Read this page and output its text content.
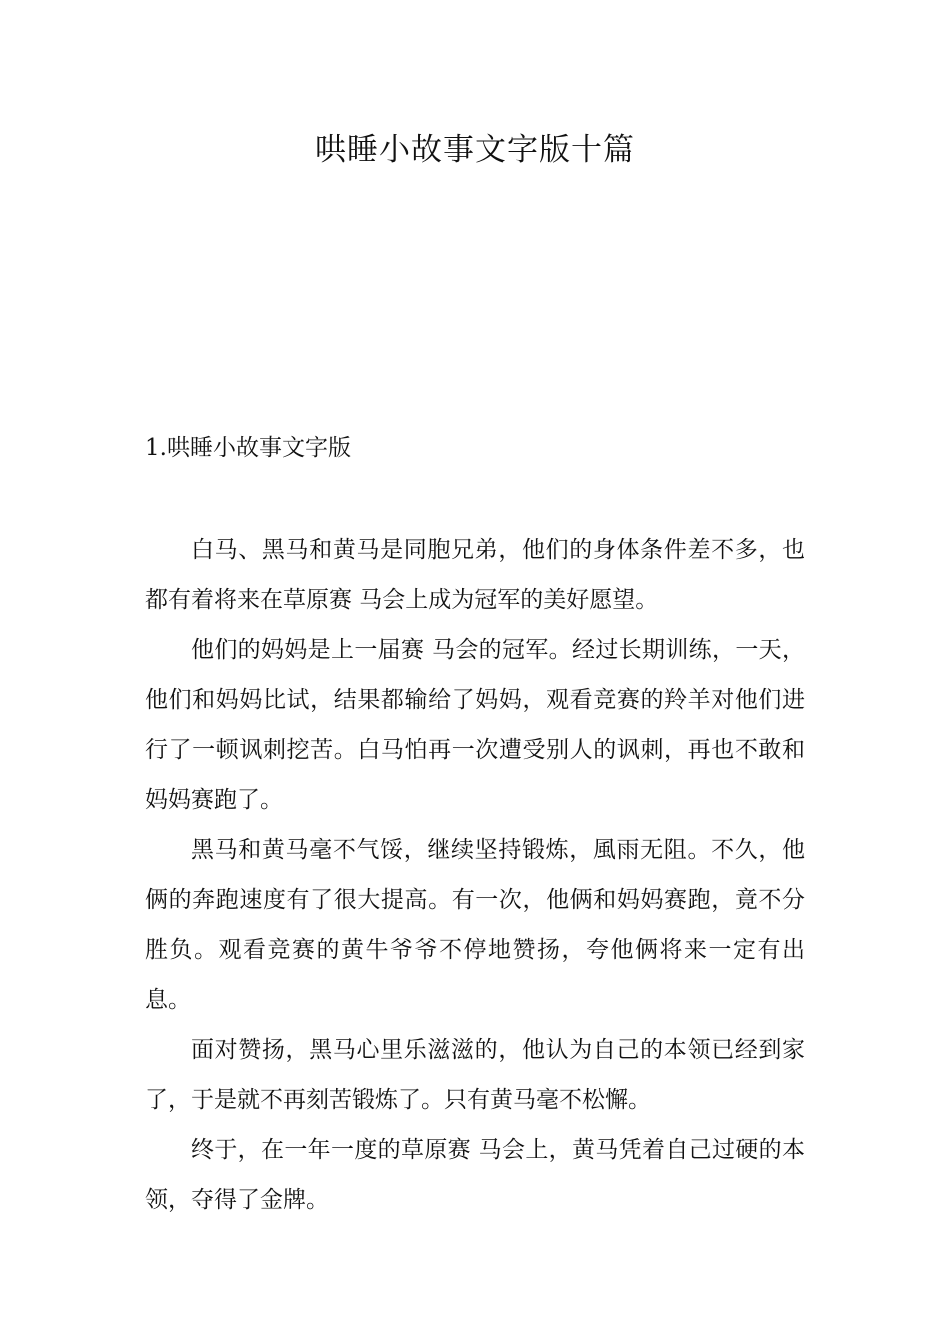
哄睡小故事文字版十篇
1.哄睡小故事文字版

白马、黑马和黄马是同胞兄弟，他们的身体条件差不多，也都有着将来在草原赛 马会上成为冠军的美好愿望。

他们的妈妈是上一届赛 马会的冠军。经过长期训练，一天，他们和妈妈比试，结果都输给了妈妈，观看竞赛的羚羊对他们进行了一顿讽刺挖苦。白马怕再一次遭受别人的讽刺，再也不敢和妈妈赛跑了。

黑马和黄马毫不气馁，继续坚持锻炼，風雨无阻。不久，他俩的奔跑速度有了很大提高。有一次，他俩和妈妈赛跑，竟不分胜负。观看竞赛的黄牛爷爷不停地赞扬，夸他俩将来一定有出息。

面对赞扬，黑马心里乐滋滋的，他认为自己的本领已经到家了，于是就不再刻苦锻炼了。只有黄马毫不松懈。

终于，在一年一度的草原赛 马会上，黄马凭着自己过硬的本领，夺得了金牌。
